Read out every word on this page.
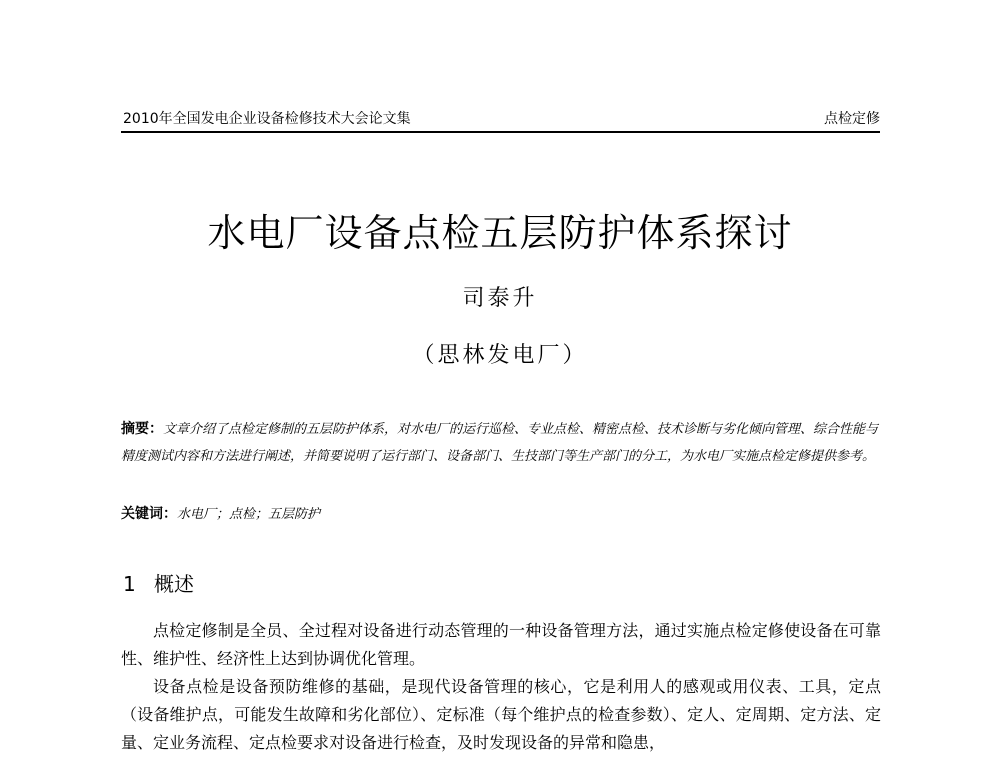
2010年全国发电企业设备检修技术大会论文集	点检定修
水电厂设备点检五层防护体系探讨
司泰升
（思林发电厂）
摘要：文章介绍了点检定修制的五层防护体系，对水电厂的运行巡检、专业点检、精密点检、技术诊断与劣化倾向管理、综合性能与精度测试内容和方法进行阐述，并简要说明了运行部门、设备部门、生技部门等生产部门的分工，为水电厂实施点检定修提供参考。
关键词：水电厂；点检；五层防护
1 概述

点检定修制是全员、全过程对设备进行动态管理的一种设备管理方法，通过实施点检定修使设备在可靠性、维护性、经济性上达到协调优化管理。

设备点检是设备预防维修的基础，是现代设备管理的核心，它是利用人的感观或用仪表、工具，定点（设备维护点，可能发生故障和劣化部位）、定标准（每个维护点的检查参数）、定人、定周期、定方法、定量、定业务流程、定点检要求对设备进行检查，及时发现设备的异常和隐患，
